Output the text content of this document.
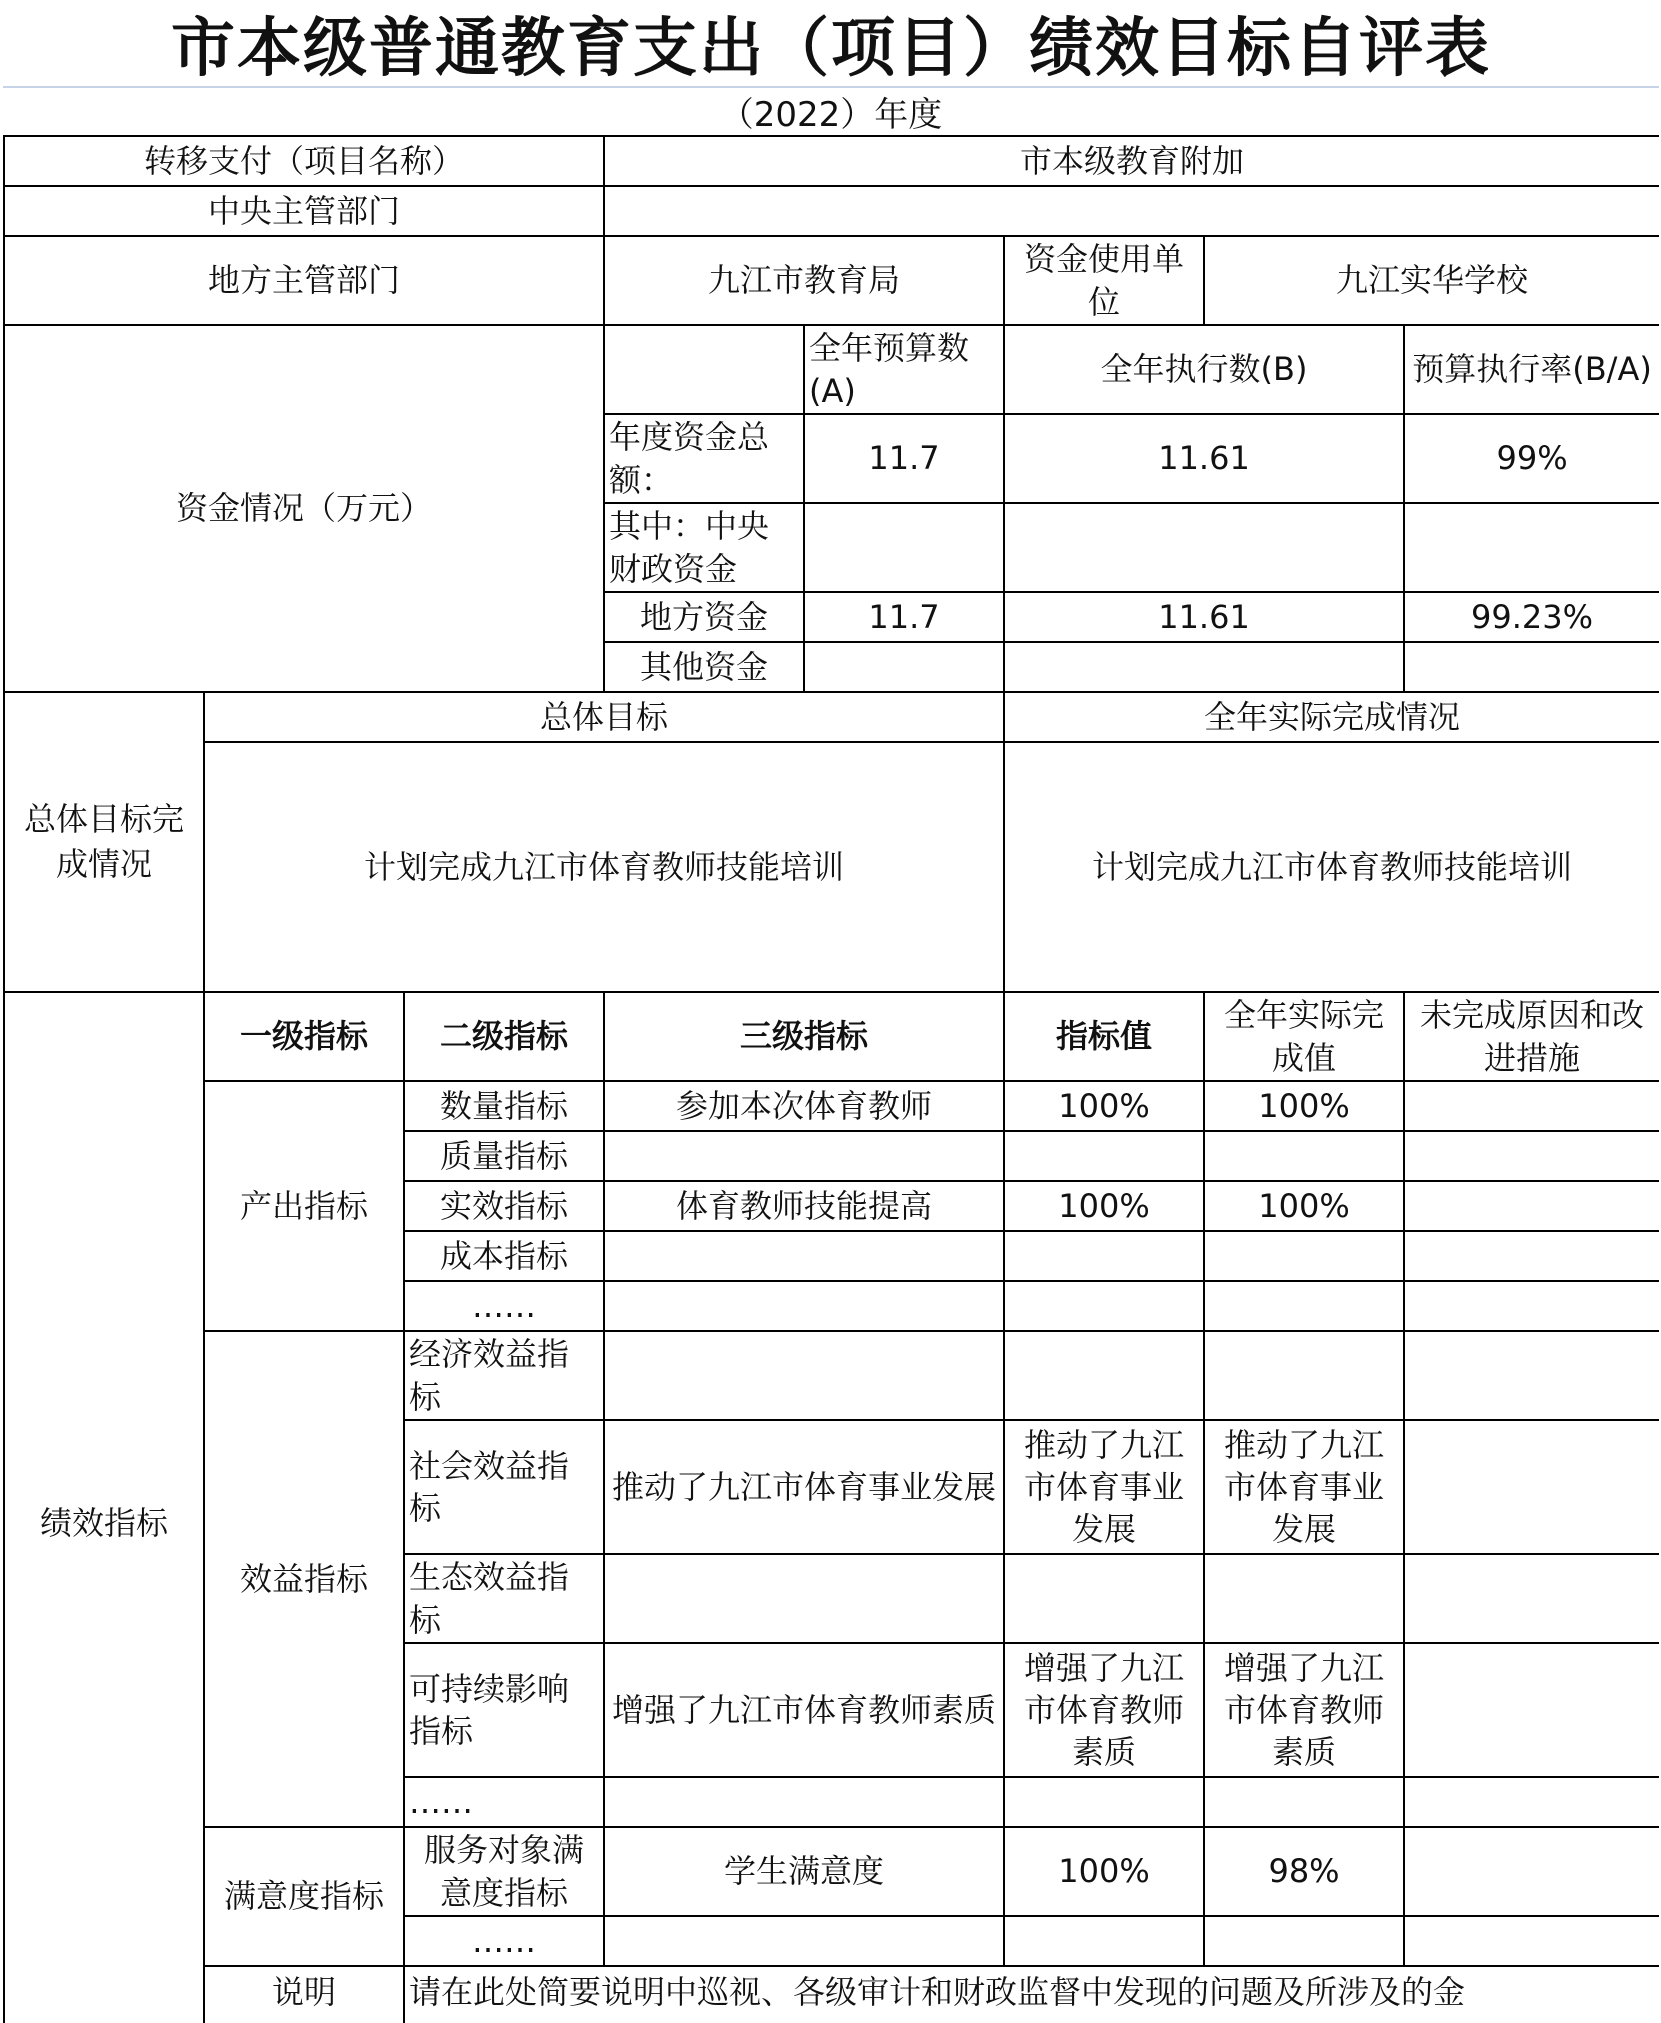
市本级普通教育支出（项目）绩效目标自评表
（2022）年度
转移支付（项目名称）			市本级教育附加				
中央主管部门							
地方主管部门			九江市教育局		资金使用单位	九江实华学校	
资金情况（万元）				全年预算数(A)	全年执行数(B)		预算执行率(B/A)
			年度资金总额：	11.7	11.61		99%
			其中：中央财政资金				
			地方资金	11.7	11.61		99.23%
			其他资金				
总体目标完成情况	总体目标				全年实际完成情况		
	计划完成九江市体育教师技能培训				计划完成九江市体育教师技能培训		
绩效指标	一级指标	二级指标	三级指标		指标值	全年实际完成值	未完成原因和改进措施
	产出指标	数量指标	参加本次体育教师		100%	100%	
		质量指标					
		实效指标	体育教师技能提高		100%	100%	
		成本指标					
		……					
	效益指标	经济效益指标					
		社会效益指标	推动了九江市体育事业发展		推动了九江市体育事业发展	推动了九江市体育事业发展	
		生态效益指标					
		可持续影响指标	增强了九江市体育教师素质		增强了九江市体育教师素质	增强了九江市体育教师素质	
		……					
	满意度指标	服务对象满意度指标	学生满意度		100%	98%	
		……					
	说明	请在此处简要说明中巡视、各级审计和财政监督中发现的问题及所涉及的金					
